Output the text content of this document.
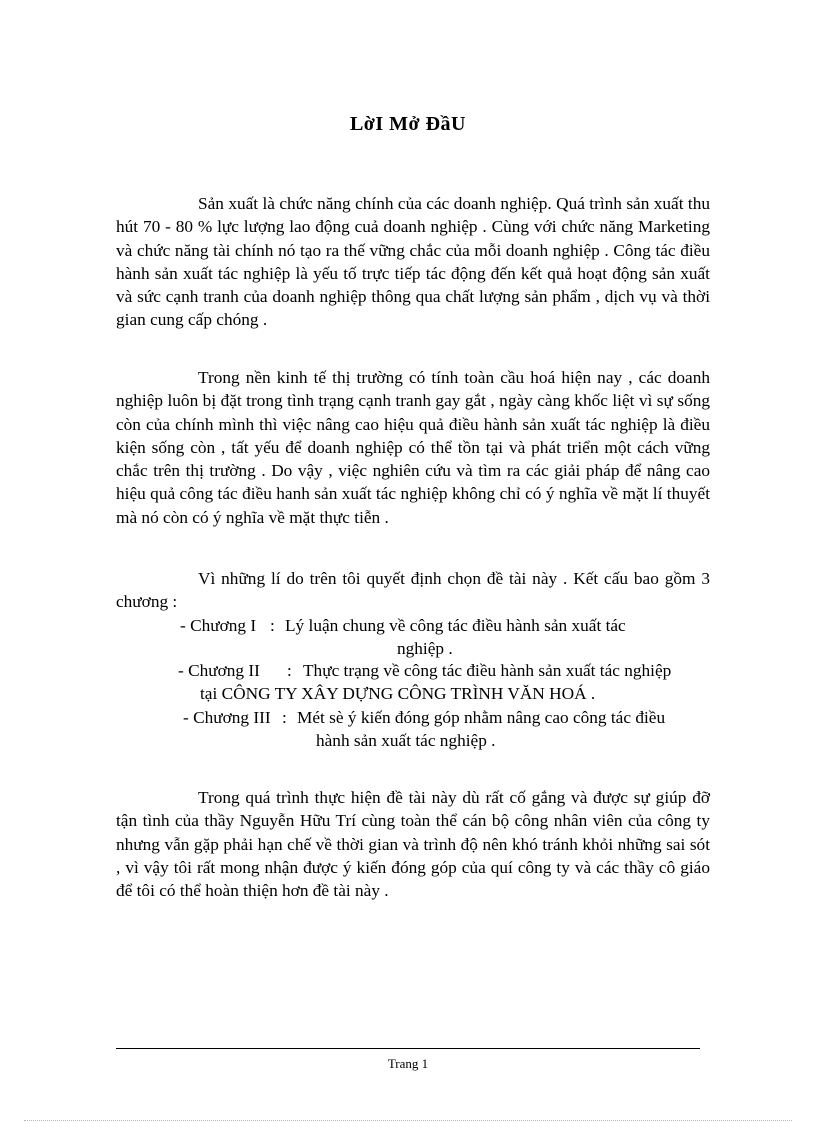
LờI Mở ĐầU

Sản xuất là chức năng chính của các doanh nghiệp. Quá trình sản xuất thu hút 70 - 80 % lực lượng lao động cuả doanh nghiệp . Cùng với chức năng Marketing và chức năng tài chính nó tạo ra thế vững chắc của mỗi doanh nghiệp . Công tác điều hành sản xuất tác nghiệp là yếu tố trực tiếp tác động đến kết quả hoạt động sản xuất và sức cạnh tranh của doanh nghiệp thông qua chất lượng sản phẩm , dịch vụ và thời gian cung cấp chóng .

Trong nền kinh tế thị trường có tính toàn cầu hoá hiện nay , các doanh nghiệp luôn bị đặt trong tình trạng cạnh tranh gay gắt , ngày càng khốc liệt vì sự sống còn của chính mình thì việc nâng cao hiệu quả điều hành sản xuất tác nghiệp là điều kiện sống còn , tất yếu để doanh nghiệp có thể tồn tại và phát triển một cách vững chắc trên thị trường . Do vậy , việc nghiên cứu và tìm ra các giải pháp để nâng cao hiệu quả công tác điều hanh sản xuất tác nghiệp không chỉ có ý nghĩa về mặt lí thuyết mà nó còn có ý nghĩa về mặt thực tiễn .

Vì những lí do trên tôi quyết định chọn đề tài này . Kết cấu bao gồm 3 chương :

- Chương I : Lý luận chung về công tác điều hành sản xuất tác
nghiệp .
- Chương II : Thực trạng về công tác điều hành sản xuất tác nghiệp
tại CÔNG TY XÂY DỰNG CÔNG TRÌNH VĂN HOÁ .
- Chương III : Mét sè ý kiến đóng góp nhằm nâng cao công tác điều
hành sản xuất tác nghiệp .

Trong quá trình thực hiện đề tài này dù rất cố gắng và được sự giúp đỡ tận tình của thầy Nguyễn Hữu Trí cùng toàn thể cán bộ công nhân viên của công ty nhưng vẫn gặp phải hạn chế về thời gian và trình độ nên khó tránh khỏi những sai sót , vì vậy tôi rất mong nhận được ý kiến đóng góp của quí công ty và các thầy cô giáo để tôi có thể hoàn thiện hơn đề tài này .

Trang 1
